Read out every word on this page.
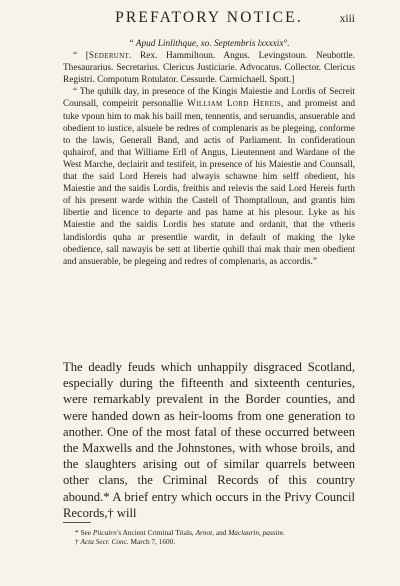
PREFATORY NOTICE.	xiii

“ Apud Linlithque, xo. Septembris lxxxxix°.

“ [Sederunt. Rex. Hammiltoun. Angus. Levingstoun. Neubottle. Thesaurarius. Secretarius. Clericus Justiciarie. Advocatus. Collector. Clericus Registri. Compotum Rotulator. Cessurde. Carmichaell. Spott.]

“ The quhilk day, in presence of the Kingis Maiestie and Lordis of Secreit Counsall, compeirit personallie William Lord Hereis, and promeist and tuke vpoun him to mak his baill men, tennentis, and seruandis, ansuerable and obedient to iustice, alsuele be redres of complenaris as be plegeing, conforme to the lawis, Generall Band, and actis of Parliament. In confideratioun quhairof, and that Williame Erll of Angus, Lieutennent and Wardane of the West Marche, declairit and testifeit, in presence of his Maiestie and Counsall, that the said Lord Hereis had alwayis schawne him selff obedient, his Maiestie and the saidis Lordis, freithis and relevis the said Lord Hereis furth of his present warde within the Castell of Thomptalloun, and grantis him libertie and licence to departe and pas hame at his plesour. Lyke as his Maiestie and the saidis Lordis hes statute and ordanit, that the vtheris landislordis quha ar presentlie wardit, in default of making the lyke obedience, sall nawayis be sett at libertie quhill thai mak thair men obedient and ansuerable, be plegeing and redres of complenaris, as accordis.”

The deadly feuds which unhappily disgraced Scotland, especially during the fifteenth and sixteenth centuries, were remarkably prevalent in the Border counties, and were handed down as heir-looms from one generation to another. One of the most fatal of these occurred between the Maxwells and the Johnstones, with whose broils, and the slaughters arising out of similar quarrels between other clans, the Criminal Records of this country abound.* A brief entry which occurs in the Privy Council Records,† will

* See Pitcairn's Ancient Criminal Trials, Arnot, and Maclaurin, passim.

† Acta Secr. Conc. March 7, 1600.
